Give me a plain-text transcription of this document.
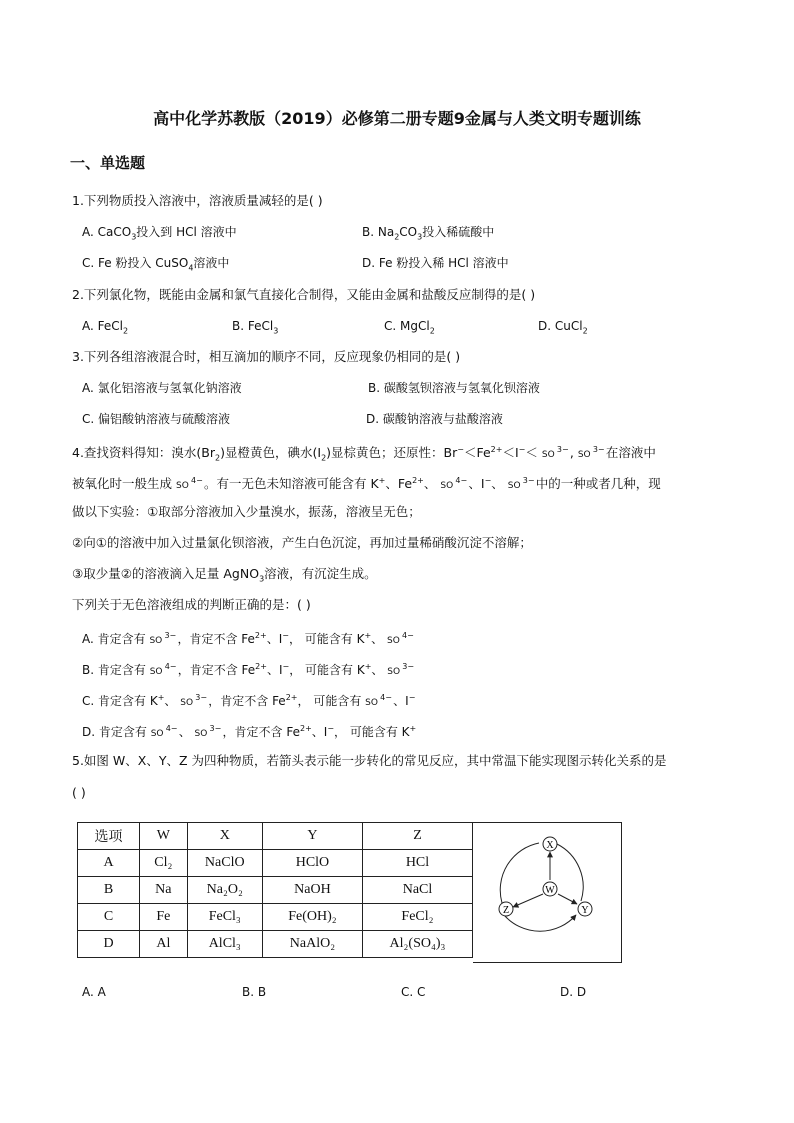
高中化学苏教版（2019）必修第二册专题9金属与人类文明专题训练
一、单选题
1.下列物质投入溶液中，溶液质量减轻的是( )
A. CaCO$_3$投入到 HCl 溶液中	B. $Na_2CO_3$投入稀硫酸中
C. Fe 粉投入 CuSO$_4$溶液中	D. Fe 粉投入稀 HCl 溶液中
2.下列氯化物，既能由金属和氯气直接化合制得，又能由金属和盐酸反应制得的是( )
A. FeCl$_2$	B. FeCl$_3$	C. MgCl$_2$	D. CuCl$_2$
3.下列各组溶液混合时，相互滴加的顺序不同，反应现象仍相同的是( )
A. 氯化铝溶液与氢氧化钠溶液	B. 碳酸氢钡溶液与氢氧化钡溶液
C. 偏铝酸钠溶液与硫酸溶液	D. 碳酸钠溶液与盐酸溶液
4.查找资料得知：溴水$(Br_2)$显橙黄色，碘水$(I_2)$显棕黄色；还原性：$Br^-<Fe^{2+}<I^-<$ SO
3− , SO
3− 在溶液中
被氧化时一般生成 SO
4− 。有一无色未知溶液可能含有 K+、$Fe^{2+}$、 SO
4− 、I−、 SO
3− 中的一种或者几种，现
做以下实验：①取部分溶液加入少量溴水，振荡，溶液呈无色；
②向①的溶液中加入过量氯化钡溶液，产生白色沉淀，再加过量稀硝酸沉淀不溶解；
③取少量②的溶液滴入足量 AgNO$_3$溶液，有沉淀生成。
下列关于无色溶液组成的判断正确的是：( )
A. 肯定含有 SO
3− ，肯定不含 $Fe^{2+}$、I−， 可能含有 K+、 SO
4−
B. 肯定含有 SO
4− ，肯定不含 $Fe^{2+}$、I−， 可能含有 K+、 SO
3−
C. 肯定含有 K+、 SO
3− ，肯定不含 $Fe^{2+}$， 可能含有 SO
4− 、I−
D. 肯定含有 SO
4− 、 SO
3− ，肯定不含 $Fe^{2+}$、I−， 可能含有 K+
5.如图 W、X、Y、Z 为四种物质，若箭头表示能一步转化的常见反应，其中常温下能实现图示转化关系的是
( )
选项	W	X	Y	Z
A	Cl₂	NaClO	HClO	HCl
B	Na	Na₂O₂	NaOH	NaCl
C	Fe	FeCl₃	Fe(OH)₂	FeCl₂
D	Al	AlCl₃	NaAlO₂	Al₂(SO₄)₃
X
W
Z	Y
A. A	B. B	C. C	D. D
